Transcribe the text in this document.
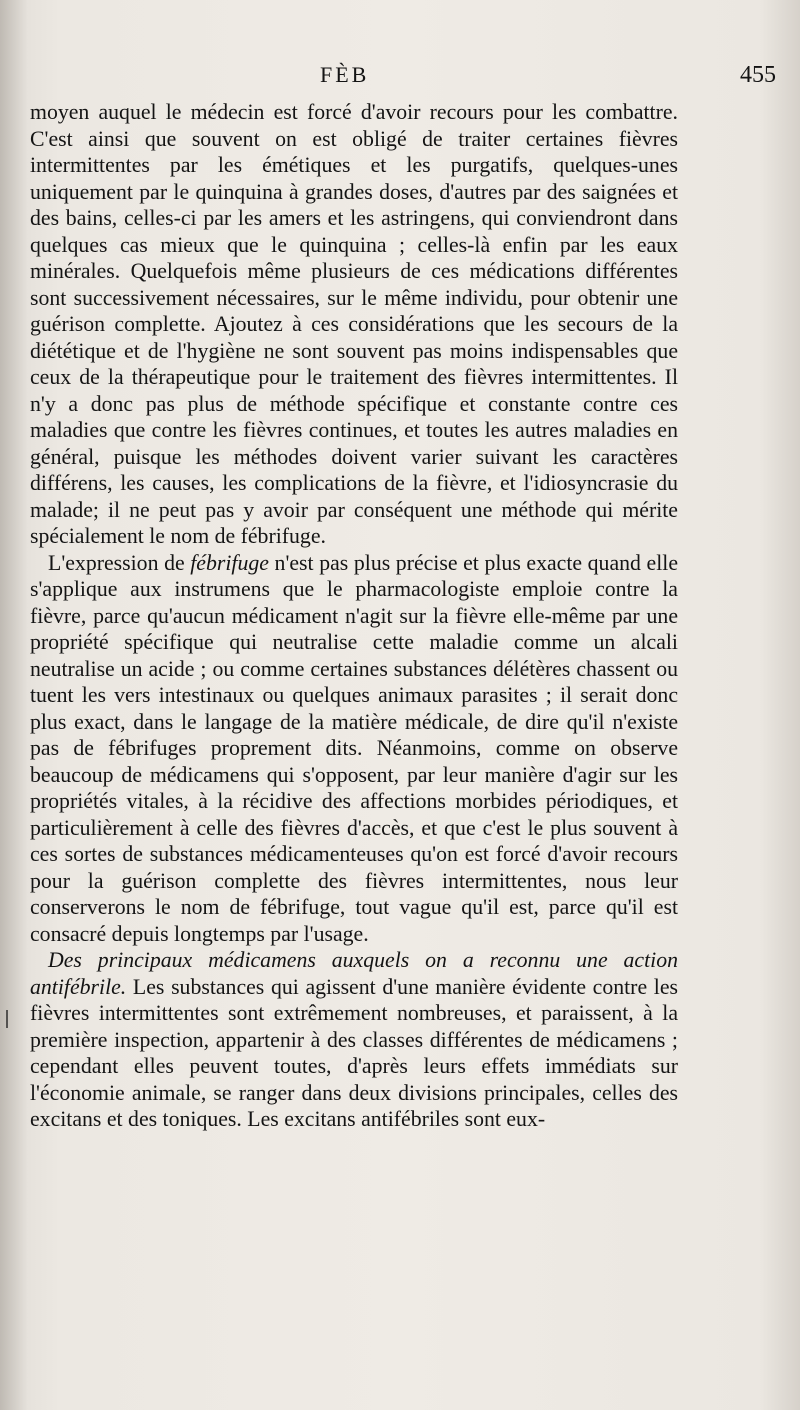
FÈB	455

moyen auquel le médecin est forcé d'avoir recours pour les combattre. C'est ainsi que souvent on est obligé de traiter certaines fièvres intermittentes par les émétiques et les purgatifs, quelques-unes uniquement par le quinquina à grandes doses, d'autres par des saignées et des bains, celles-ci par les amers et les astringens, qui conviendront dans quelques cas mieux que le quinquina ; celles-là enfin par les eaux minérales. Quelquefois même plusieurs de ces médications différentes sont successivement nécessaires, sur le même individu, pour obtenir une guérison complette. Ajoutez à ces considérations que les secours de la diététique et de l'hygiène ne sont souvent pas moins indispensables que ceux de la thérapeutique pour le traitement des fièvres intermittentes. Il n'y a donc pas plus de méthode spécifique et constante contre ces maladies que contre les fièvres continues, et toutes les autres maladies en général, puisque les méthodes doivent varier suivant les caractères différens, les causes, les complications de la fièvre, et l'idiosyncrasie du malade; il ne peut pas y avoir par conséquent une méthode qui mérite spécialement le nom de fébrifuge.

L'expression de fébrifuge n'est pas plus précise et plus exacte quand elle s'applique aux instrumens que le pharmacologiste emploie contre la fièvre, parce qu'aucun médicament n'agit sur la fièvre elle-même par une propriété spécifique qui neutralise cette maladie comme un alcali neutralise un acide ; ou comme certaines substances délétères chassent ou tuent les vers intestinaux ou quelques animaux parasites ; il serait donc plus exact, dans le langage de la matière médicale, de dire qu'il n'existe pas de fébrifuges proprement dits. Néanmoins, comme on observe beaucoup de médicamens qui s'opposent, par leur manière d'agir sur les propriétés vitales, à la récidive des affections morbides périodiques, et particulièrement à celle des fièvres d'accès, et que c'est le plus souvent à ces sortes de substances médicamenteuses qu'on est forcé d'avoir recours pour la guérison complette des fièvres intermittentes, nous leur conserverons le nom de fébrifuge, tout vague qu'il est, parce qu'il est consacré depuis longtemps par l'usage.

Des principaux médicamens auxquels on a reconnu une action antifébrile. Les substances qui agissent d'une manière évidente contre les fièvres intermittentes sont extrêmement nombreuses, et paraissent, à la première inspection, appartenir à des classes différentes de médicamens ; cependant elles peuvent toutes, d'après leurs effets immédiats sur l'économie animale, se ranger dans deux divisions principales, celles des excitans et des toniques. Les excitans antifébriles sont eux-
